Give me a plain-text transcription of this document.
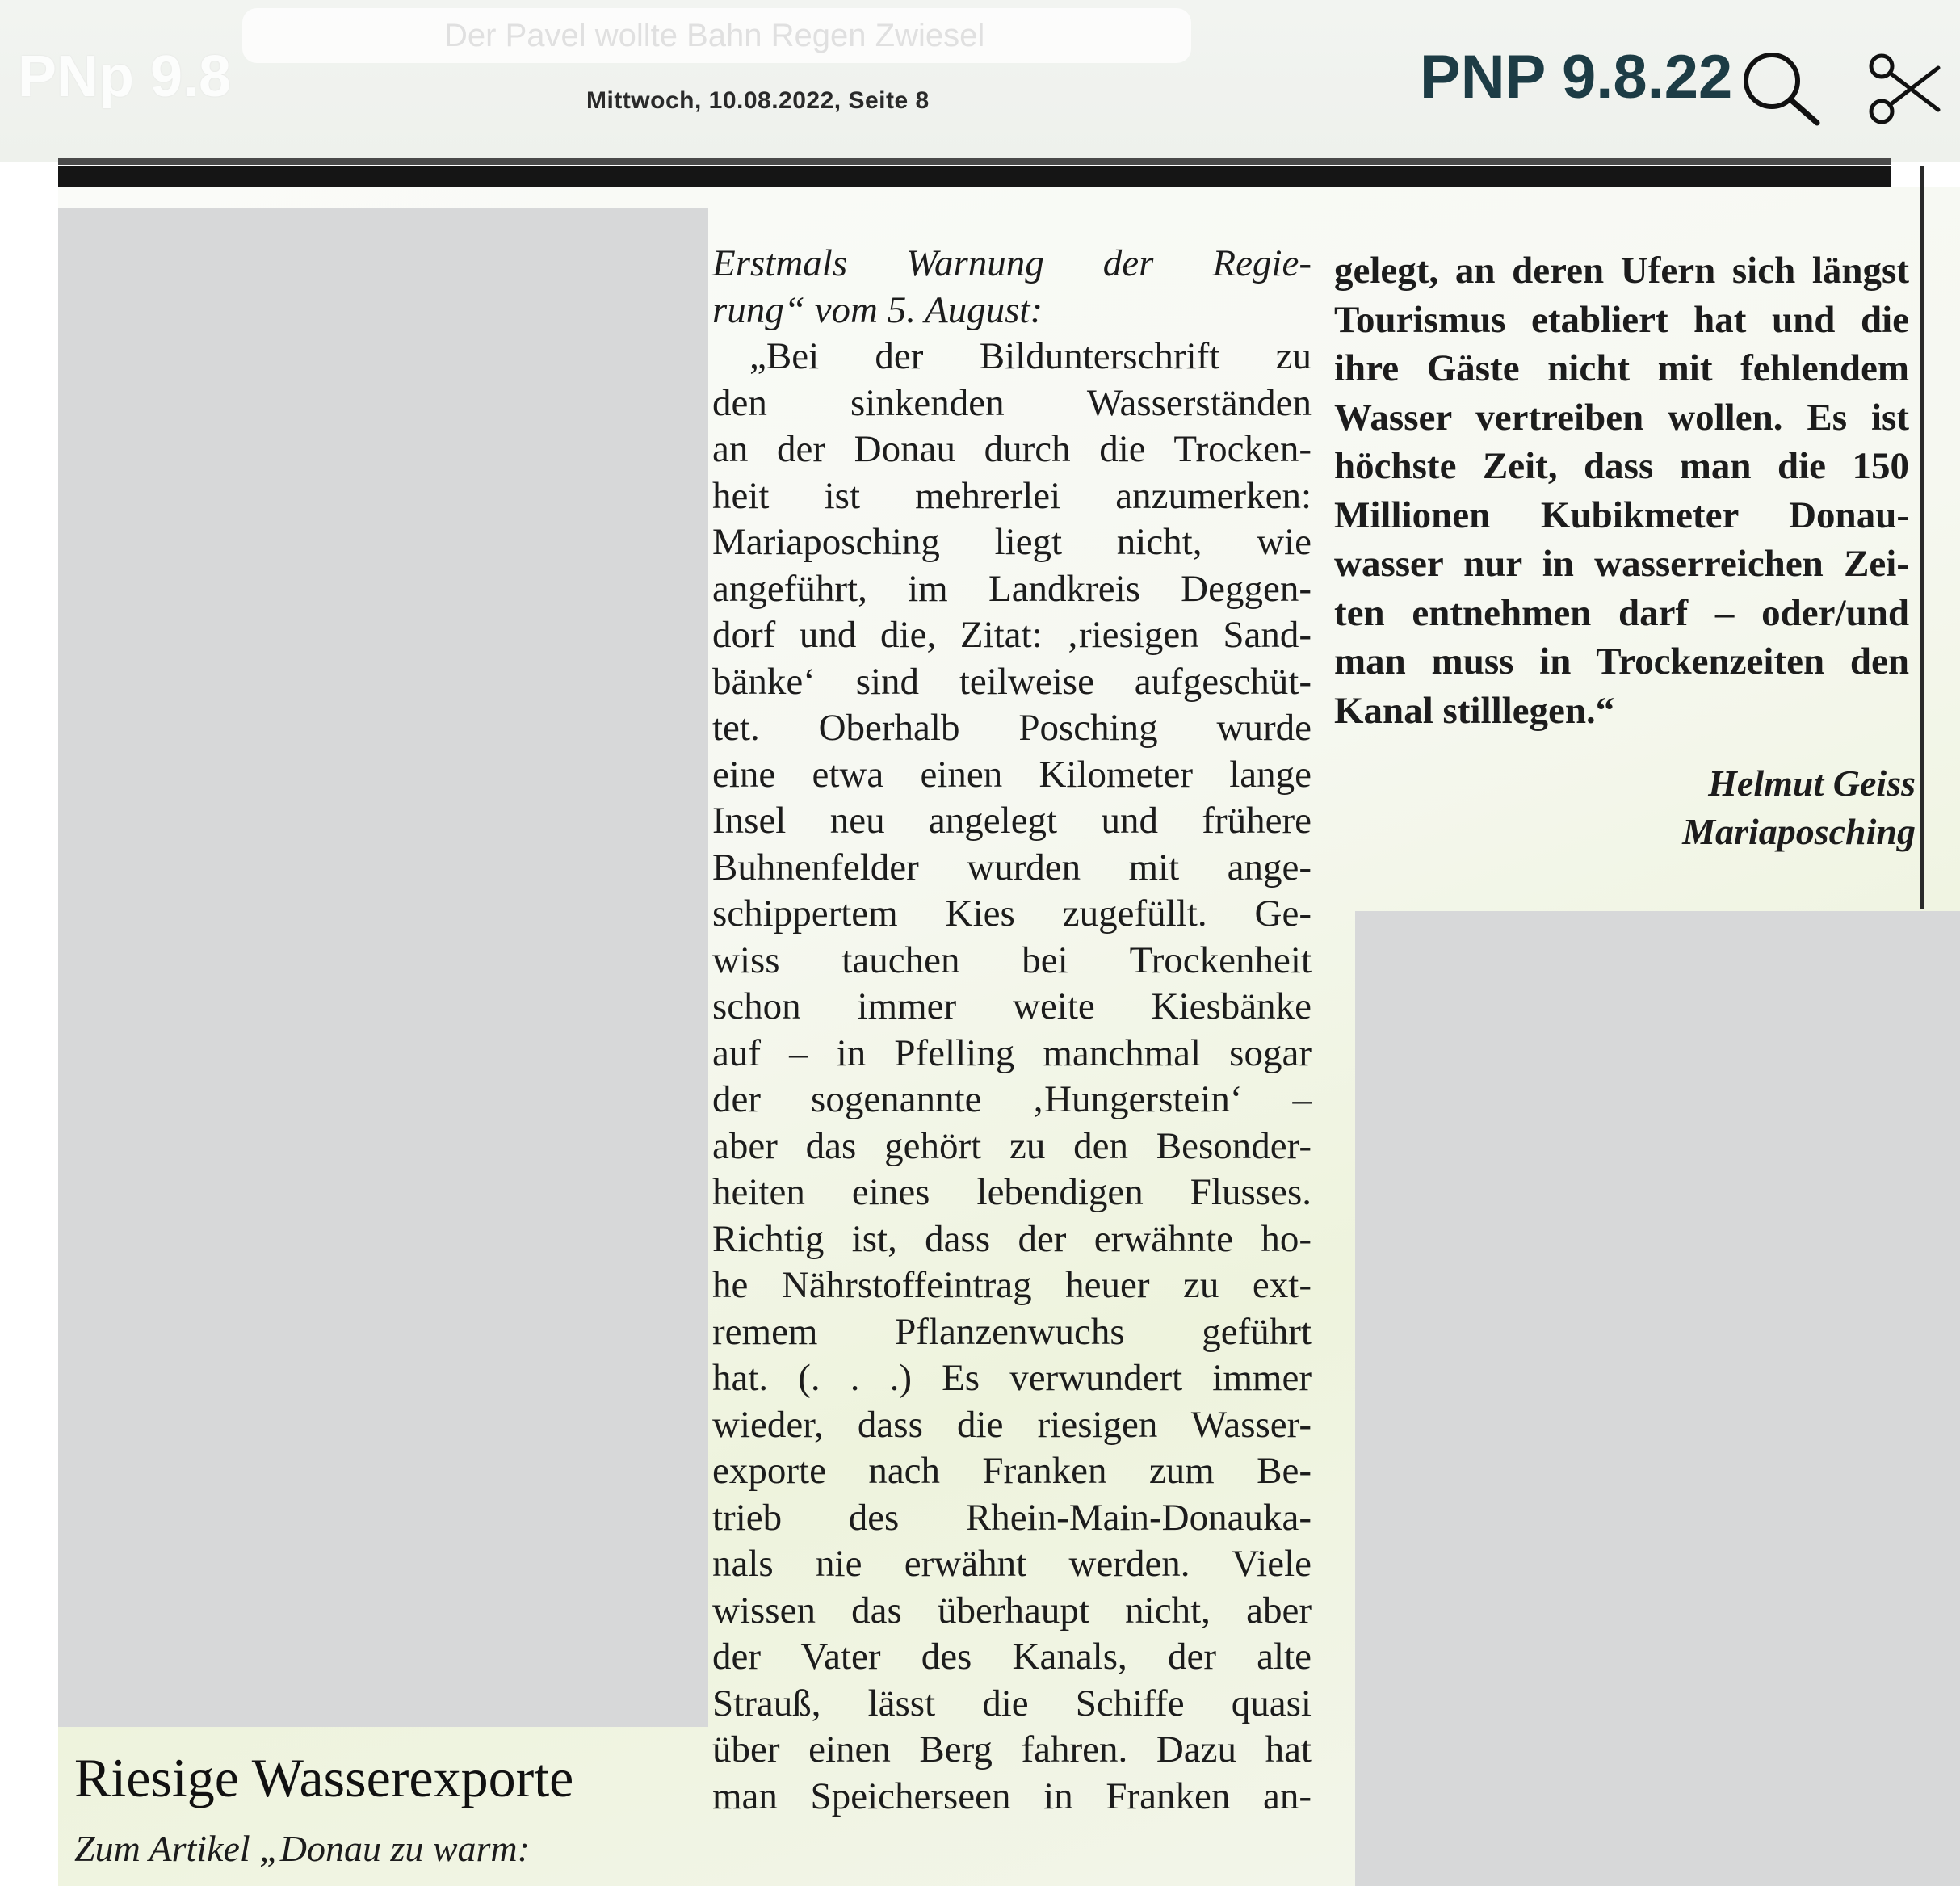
PNp 9.8
Der Pavel wollte Bahn Regen Zwiesel
Mittwoch, 10.08.2022, Seite 8	PNP 9.8.22

Erstmals Warnung der Regie-

rung“ vom 5. August:

„Bei der Bildunterschrift zu

den sinkenden Wasserständen

an der Donau durch die Trocken-

heit ist mehrerlei anzumerken:

Mariaposching liegt nicht, wie

angeführt, im Landkreis Deggen-

dorf und die, Zitat: ‚riesigen Sand-

bänke‘ sind teilweise aufgeschüt-

tet. Oberhalb Posching wurde

eine etwa einen Kilometer lange

Insel neu angelegt und frühere

Buhnenfelder wurden mit ange-

schippertem Kies zugefüllt. Ge-

wiss tauchen bei Trockenheit

schon immer weite Kiesbänke

auf – in Pfelling manchmal sogar

der sogenannte ‚Hungerstein‘ –

aber das gehört zu den Besonder-

heiten eines lebendigen Flusses.

Richtig ist, dass der erwähnte ho-

he Nährstoffeintrag heuer zu ext-

remem Pflanzenwuchs geführt

hat. (. . .) Es verwundert immer

wieder, dass die riesigen Wasser-

exporte nach Franken zum Be-

trieb des Rhein-Main-Donauka-

nals nie erwähnt werden. Viele

wissen das überhaupt nicht, aber

der Vater des Kanals, der alte

Strauß, lässt die Schiffe quasi

über einen Berg fahren. Dazu hat

man Speicherseen in Franken an-

gelegt, an deren Ufern sich längst

Tourismus etabliert hat und die

ihre Gäste nicht mit fehlendem

Wasser vertreiben wollen. Es ist

höchste Zeit, dass man die 150

Millionen Kubikmeter Donau-

wasser nur in wasserreichen Zei-

ten entnehmen darf – oder/und

man muss in Trockenzeiten den

Kanal stilllegen.“

Helmut Geiss
Mariaposching
Riesige Wasserexporte
Zum Artikel „Donau zu warm:
